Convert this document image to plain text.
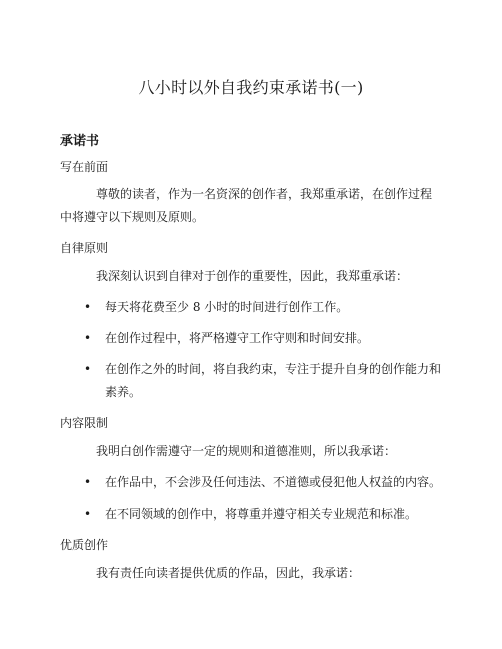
八小时以外自我约束承诺书(一)
承诺书
写在前面
尊敬的读者，作为一名资深的创作者，我郑重承诺，在创作过程
中将遵守以下规则及原则。
自律原则
我深刻认识到自律对于创作的重要性，因此，我郑重承诺：
• 每天将花费至少 8 小时的时间进行创作工作。
• 在创作过程中，将严格遵守工作守则和时间安排。
• 在创作之外的时间，将自我约束，专注于提升自身的创作能力和
素养。
内容限制
我明白创作需遵守一定的规则和道德准则，所以我承诺：
• 在作品中，不会涉及任何违法、不道德或侵犯他人权益的内容。
• 在不同领域的创作中，将尊重并遵守相关专业规范和标准。
优质创作
我有责任向读者提供优质的作品，因此，我承诺：
